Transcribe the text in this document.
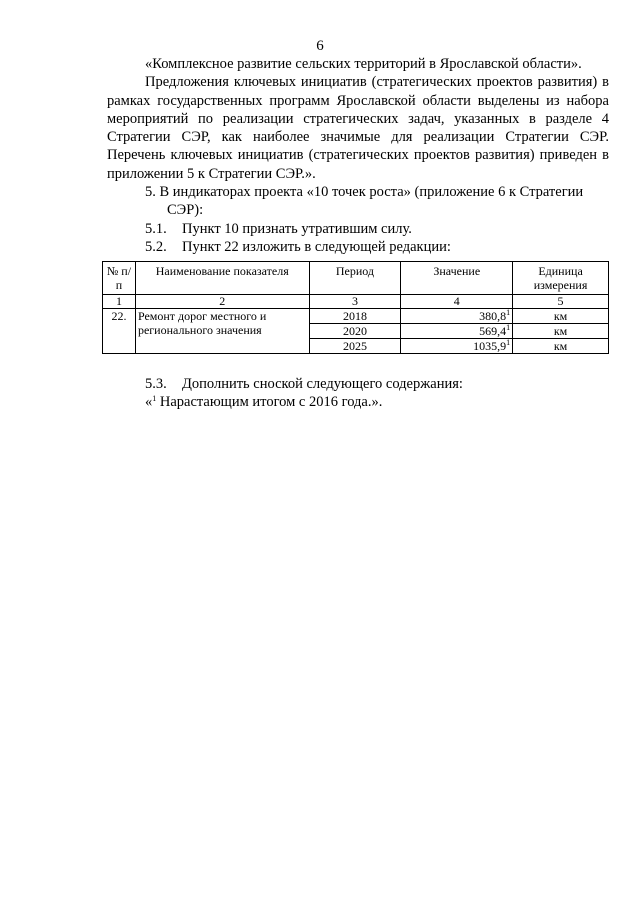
6

«Комплексное развитие сельских территорий в Ярославской области».

Предложения ключевых инициатив (стратегических проектов развития) в рамках государственных программ Ярославской области выделены из набора мероприятий по реализации стратегических задач, указанных в разделе 4 Стратегии СЭР, как наиболее значимые для реализации Стратегии СЭР. Перечень ключевых инициатив (стратегических проектов развития) приведен в приложении 5 к Стратегии СЭР.».

5. В индикаторах проекта «10 точек роста» (приложение 6 к Стратегии СЭР):

5.1. Пункт 10 признать утратившим силу.

5.2. Пункт 22 изложить в следующей редакции:

№ п/п	Наименование показателя	Период	Значение	Единица измерения
1	2	3	4	5
22.	Ремонт дорог местного и регионального значения	2018	380,8$^1$	км
		2020	569,4$^1$	км
		2025	1035,9$^1$	км

5.3. Дополнить сноской следующего содержания:

«$^1$ Нарастающим итогом с 2016 года.».
